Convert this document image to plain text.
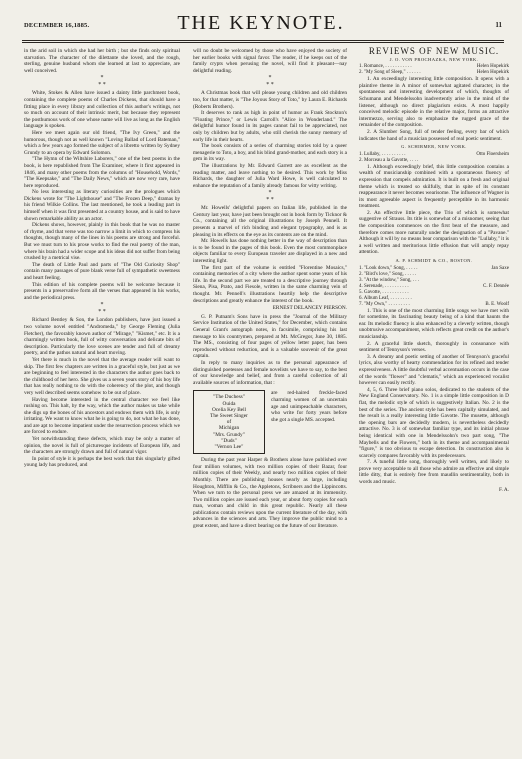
DECEMBER 16,1885.	THE KEYNOTE.	11

in the arid soil in which she had her birth ; but she finds only spiritual starvation. The character of the dilettante she loved, and the rough, sterling, genuine husband whom she learned at last to appreciate, are well conceived.

*
* *

White, Stokes & Allen have issued a dainty little parchment book, containing the complete poems of Charles Dickens, that should have a fitting place in every library and collection of this author's writings, not so much on account of their intrinsic merit, but because they represent the posthumous work of one whose name will live as long as the English language is spoken.

Here we meet again our old friend, "The Ivy Green," and the humorous, though not as well known "Loving Ballad of Lord Bateman," which a few years ago formed the subject of a libretto written by Sydney Grundy to an opera by Edward Solomon.

"The Hymn of the Wiltshire Laborers," one of the best poems in the book, is here republished from The Examiner, where it first appeared in 1846, and many other poems from the columns of "Household, Words," "The Keepsake," and "The Daily News," which are now very rare, have here reproduced.

No less interesting as literary curiosities are the prologues which Dickens wrote for "The Lighthouse" and "The Frozen Deep," dramas by his friend Wilkie Collins. The last mentioned, he took a leading part in himself when it was first presented at a country house, and is said to have shown remarkable ability as an actor.

Dickens shows, however, plainly in this book that he was no master of rhyme, and that verse was too narrow a limit in which to compress his thoughts, though many of the lines in his poems are strong and forceful. But we must turn to his prose works to find the real poetry of the man, where his brain had a wider scope and his ideas did not suffer from being crushed by a metrical vise.

The death of Little Paul and parts of "The Old Curiosity Shop" contain many passages of pure blank verse full of sympathetic sweetness and heart feeling.

This edition of his complete poems will be welcome because it presents in a preservative form all the verses that appeared in his works, and the periodical press.

*
* *

Richard Bentley & Son, the London publishers, have just issued a two volume novel entitled "Andromeda," by George Fleming (Julia Fletcher), the favorably known author of "Mirage," "Kismet," etc. It is a charmingly written book, full of witty conversation and delicate bits of description. Particularly the love scenes are tender and full of dreamy poetry, and the pathos natural and heart moving.

Yet there is much in the novel that the average reader will want to skip. The first few chapters are written in a graceful style, but just as we are beginning to feel interested in the characters the author goes back to the childhood of her hero. She gives us a seven years story of his boy life that has really nothing to do with the coherency of the plot, and though very well described seems somehow to be out of place.

Having become interested in the central character we feel like rushing on. This halt, by the way, which the author makes us take while she digs up the bones of his ancestors and endows them with life, is only irritating. We want to know what he is going to do, not what he has done, and are apt to become impatient under the resurrection process which we are forced to endure.

Yet notwithstanding these defects, which may be only a matter of opinion, the novel is full of picturesque incidents of European life, and the characters are strongly drawn and full of natural vigor.

In point of style it is perhaps the best work that this singularly gifted young lady has produced, and

will no doubt be welcomed by those who have enjoyed the society of her earlier books with signal favor. The reader, if he keeps out of the family crypts when perusing the novel, will find it pleasant—nay delightful reading.

*
* *

A Christmas book that will please young children and old children too, for that matter, is "The Joyous Story of Toto," by Laura E. Richards (Roberts Brothers).

It deserves to rank as high in point of humor as Frank Stockton's "Floating Prince," or Lewis Carroll's "Alice in Wonderland." The delightful humor found in its pages cannot fail to be appreciated, not only by children but by adults, who still cherish the sunny memory of early life in their hearts.

The book consists of a series of charming stories told by a queer menagerie to Toto, a boy, and his blind grand-mother, and each story is a gem in its way.

The illustrations by Mr. Edward Garrett are as excellent as the reading matter, and leave nothing to be desired. This work by Miss Richards, the daughter of Julia Ward Howe, is well calculated to enhance the reputation of a family already famous for witty writing.

*
* *

Mr. Howells' delightful papers on Italian life, published in the Century last year, have just been brought out in book form by Ticknor & Co., containing all the original illustrations by Joseph Pennell. It presents a marvel of rich binding and elegant typography, and is as pleasing in its effects on the eye as its contents are on the mind.

Mr. Howells has done nothing better in the way of description than is to be found in the pages of this book. Even the most commonplace objects familiar to every European traveler are displayed in a new and interesting light.

The first part of the volume is entitled "Florentine Mosaics," containing memories of a city where the author spent some years of his life. In the second part we are treated to a descriptive journey through Siena, Pisa, Prato, and Fiesole, written in the same charming vein of thought. Mr. Pennell's illustrations heartily help the descriptive descriptions and greatly enhance the interest of the book.

ERNEST DELANCEY PIERSON.

G. P. Putnam's Sons have in press the "Journal of the Military Service Institution of the United States," for December, which contains General Grant's autograph notes, in facsimile, comprising his last message to his countrymen, prepared at Mt. McGregor, June 30, 1885. The MS., consisting of four pages of yellow letter paper, has been reproduced without reduction, and is a valuable souvenir of the great captain.

In reply to many inquiries as to the personal appearance of distinguished poetesses and female novelists we have to say, to the best of our knowledge and belief, and from a careful collection of all available sources of information, that :

"The Duchess"
Ouida
Ocelia Key Bell
The Sweet Singer
of
Michigan
"Mrs. Grundy"
"Duds"
"Vernon Lee"
are red-haired freckle-faced charming women of an uncertain age and unimpeachable characters, who write for forty years before she got a single MS. accepted.

During the past year Harper & Brothers alone have published over four million volumes, with two million copies of their Bazar, four million copies of their Weekly, and nearly two million copies of their Monthly. There are publishing houses nearly as large, including Houghton, Mifflin & Co., the Appletons, Scribners and the Lippincotts. When we turn to the personal press we are amazed at its immensity. Two million copies are issued each year, or about forty copies for each man, woman and child in this great republic. Nearly all these publications contain reviews upon the current literature of the day, with advances in the sciences and arts. They improve the public mind to a great extent, and have a direct bearing on the future of our literature.

REVIEWS OF NEW MUSIC.
J. O. VON PROCHAZKA, NEW YORK.
1. Romance, . . . . . . . . . . .	Helen Hopekirk
2. "My Song of Sleep," . . . . . .	Helen Hopekirk

1. An exceedingly interesting little composition. It opens with a plaintive theme in A minor of somewhat agitated character, in the spontaneous and interesting development of which, thoughts of Schumann and Mendelssohn inadvertently arise in the mind of the listener, although no direct plagiarism exists. A most happily conceived melodic episode in the relative major, forms an attractive intermezzo, serving also to emphasize the rugged grace of the remainder of the composition.

2. A Slumber Song, full of tender feeling, every bar of which indicates the hand of a musician possessed of real poetic sentiment.

G. SCHIRMER, NEW YORK.
1. Lullaby, . . . . . . . . . .	Otto Floersheim
2. Morceau a la Gavotte, . . . .

1. Although exceedingly brief, this little composition contains a wealth of musicianship combined with a spontaneous fluency of expression that compels admiration. It is built on a fresh and original theme which is treated so skilfully, that in spite of its constant reappearance it never becomes wearisome. The influence of Wagner in its most agreeable aspect is frequently perceptible in its harmonic treatment.

2. An effective little piece, the Trio of which is somewhat suggestive of Strauss. Its title is somewhat of a misnomer, seeing that the composition commences on the first beat of the measure, and therefore comes more naturally under the designation of a "Pavane." Although it will by no means bear comparison with the "Lullaby," it is a well written and meritorious little effusion that will amply repay attention.

A. P. SCHMIDT & CO., BOSTON.
1. "Look down," Song, . . . . .	Jan Saxe
2. "Bird's love," Song, . . . . .
3. "At the window," Song, . . .
4. Serenade, . . . . . . . . . .	C. F. Dennée
5. Gavotte, . . . . . . . . . . .
6. Album Leaf, . . . . . . . . .
7. "My Own," . . . . . . . . .	B. E. Woolf

1. This is one of the most charming little songs we have met with for sometime, its fascinating beauty being of a kind that haunts the ear. Its melodic fluency is also enhanced by a cleverly written, though unobtrusive accompaniment, which reflects great credit on the author's musicianship.

2. A graceful little sketch, thoroughly in consonance with sentiment of Tennyson's verses.

3. A dreamy and poetic setting of another of Tennyson's graceful lyrics, also worthy of hearty commendation for its refined and tender expressiveness. A little doubtful verbal accentuation occurs in the case of the words "flower" and "clematis," which an experienced vocalist however can easily rectify.

4, 5, 6. Three brief piano solos, dedicated to the students of the New England Conservatory. No. 1 is a simple little composition in D flat, the melodic style of which is suggestively Italian. No. 2 is the best of the series. The ancient style has been capitally simulated, and the result is a really interesting little Gavotte. The musette, although the opening bars are decidedly modern, is nevertheless decidedly attractive. No. 3 is of somewhat familiar type, and its initial phrase being identical with one in Mendelssohn's two part song, "The Maybells and the Flowers," both in its theme and accompanimental "figure," is too obvious to escape detection. Its construction also is scarcely compares favorably with its predecessors.

7. A tuneful little song, thoroughly well written, and likely to prove very acceptable to all those who admire an effective and simple little ditty, that is entirely free from maudlin sentimentality, both in words and music.

F. A.
